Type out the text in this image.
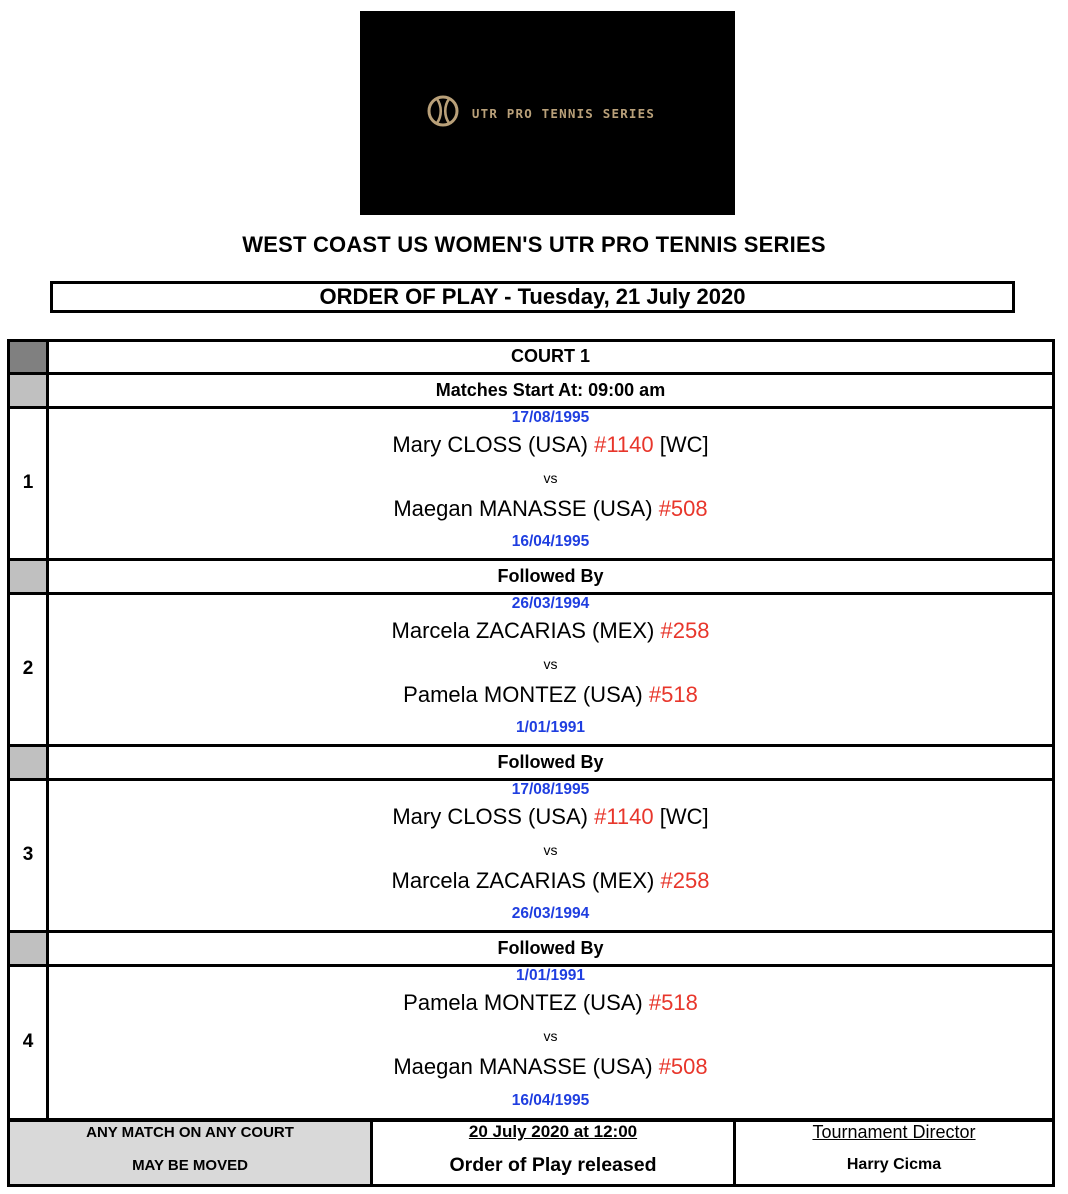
UTR PRO TENNIS SERIES
WEST COAST US WOMEN'S UTR PRO TENNIS SERIES
ORDER OF PLAY - Tuesday, 21 July 2020
COURT 1
Matches Start At: 09:00 am
1
17/08/1995
Mary CLOSS (USA) #1140 [WC]
vs
Maegan MANASSE (USA) #508
16/04/1995
Followed By
2
26/03/1994
Marcela ZACARIAS (MEX) #258
vs
Pamela MONTEZ (USA) #518
1/01/1991
Followed By
3
17/08/1995
Mary CLOSS (USA) #1140 [WC]
vs
Marcela ZACARIAS (MEX) #258
26/03/1994
Followed By
4
1/01/1991
Pamela MONTEZ (USA) #518
vs
Maegan MANASSE (USA) #508
16/04/1995
ANY MATCH ON ANY COURT
MAY BE MOVED
20 July 2020 at 12:00
Order of Play released
Tournament Director
Harry Cicma
